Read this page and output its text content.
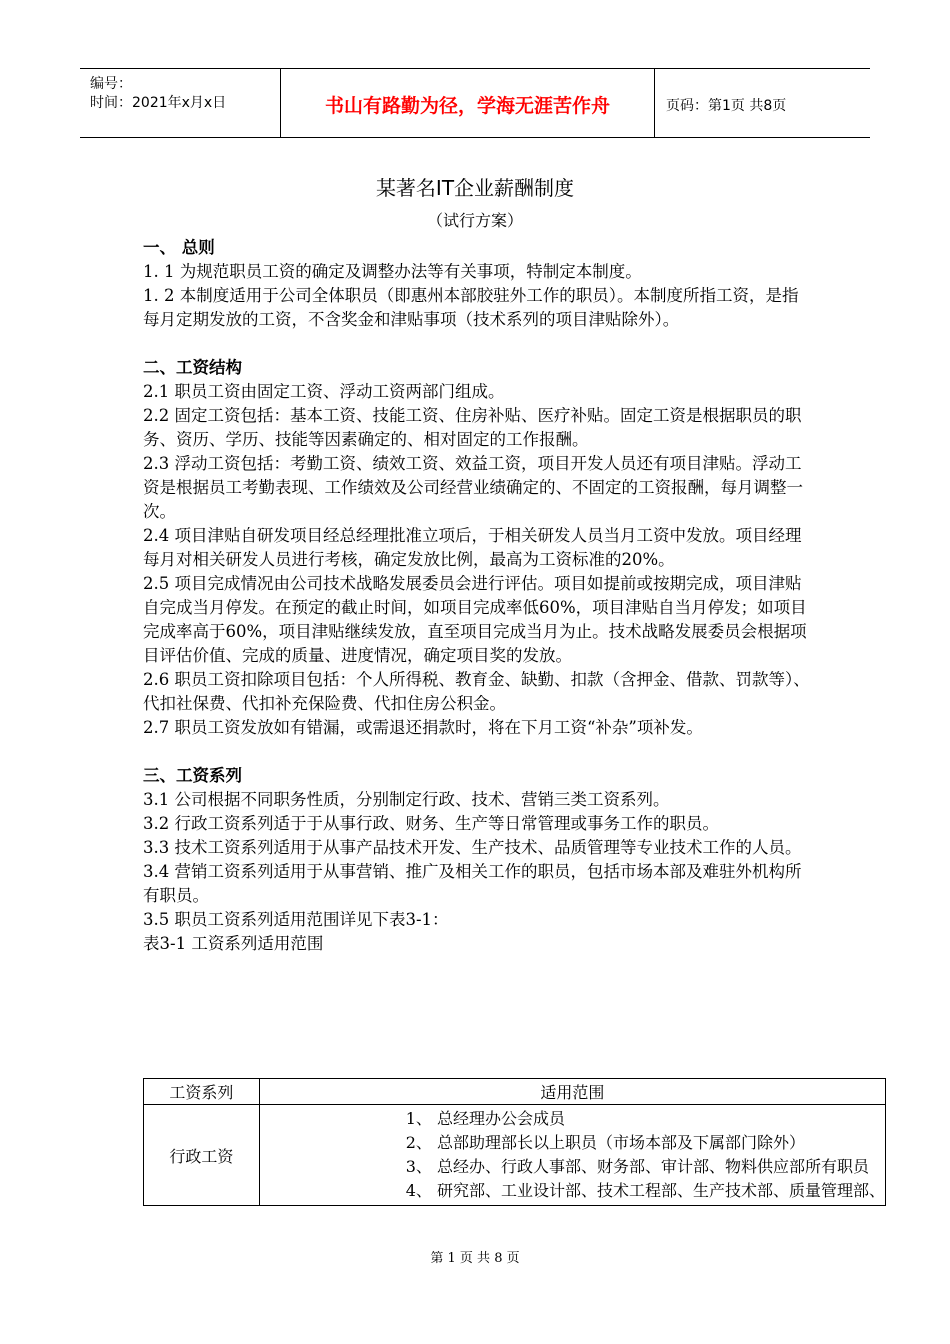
编号：
时间：2021年x月x日	书山有路勤为径，学海无涯苦作舟	页码：第1页 共8页
某著名IT企业薪酬制度
（试行方案）

一、 总则

1. 1 为规范职员工资的确定及调整办法等有关事项，特制定本制度。

1. 2 本制度适用于公司全体职员（即惠州本部胶驻外工作的职员）。本制度所指工资，是指每月定期发放的工资，不含奖金和津贴事项（技术系列的项目津贴除外）。

二、工资结构

2.1 职员工资由固定工资、浮动工资两部门组成。

2.2 固定工资包括：基本工资、技能工资、住房补贴、医疗补贴。固定工资是根据职员的职务、资历、学历、技能等因素确定的、相对固定的工作报酬。

2.3 浮动工资包括：考勤工资、绩效工资、效益工资，项目开发人员还有项目津贴。浮动工资是根据员工考勤表现、工作绩效及公司经营业绩确定的、不固定的工资报酬，每月调整一次。

2.4 项目津贴自研发项目经总经理批准立项后，于相关研发人员当月工资中发放。项目经理每月对相关研发人员进行考核，确定发放比例，最高为工资标准的20%。

2.5 项目完成情况由公司技术战略发展委员会进行评估。项目如提前或按期完成，项目津贴自完成当月停发。在预定的截止时间，如项目完成率低60%，项目津贴自当月停发；如项目完成率高于60%，项目津贴继续发放，直至项目完成当月为止。技术战略发展委员会根据项目评估价值、完成的质量、进度情况，确定项目奖的发放。

2.6 职员工资扣除项目包括：个人所得税、教育金、缺勤、扣款（含押金、借款、罚款等）、代扣社保费、代扣补充保险费、代扣住房公积金。

2.7 职员工资发放如有错漏，或需退还捐款时，将在下月工资“补杂”项补发。

三、工资系列

3.1 公司根据不同职务性质，分别制定行政、技术、营销三类工资系列。

3.2 行政工资系列适于于从事行政、财务、生产等日常管理或事务工作的职员。

3.3 技术工资系列适用于从事产品技术开发、生产技术、品质管理等专业技术工作的人员。

3.4 营销工资系列适用于从事营销、推广及相关工作的职员，包括市场本部及难驻外机构所有职员。

3.5 职员工资系列适用范围详见下表3-1：

表3-1 工资系列适用范围

工资系列	适用范围
行政工资	1、 总经理办公会成员
2、 总部助理部长以上职员（市场本部及下属部门除外）
3、 总经办、行政人事部、财务部、审计部、物料供应部所有职员
4、 研究部、工业设计部、技术工程部、生产技术部、质量管理部、
第 1 页 共 8 页
